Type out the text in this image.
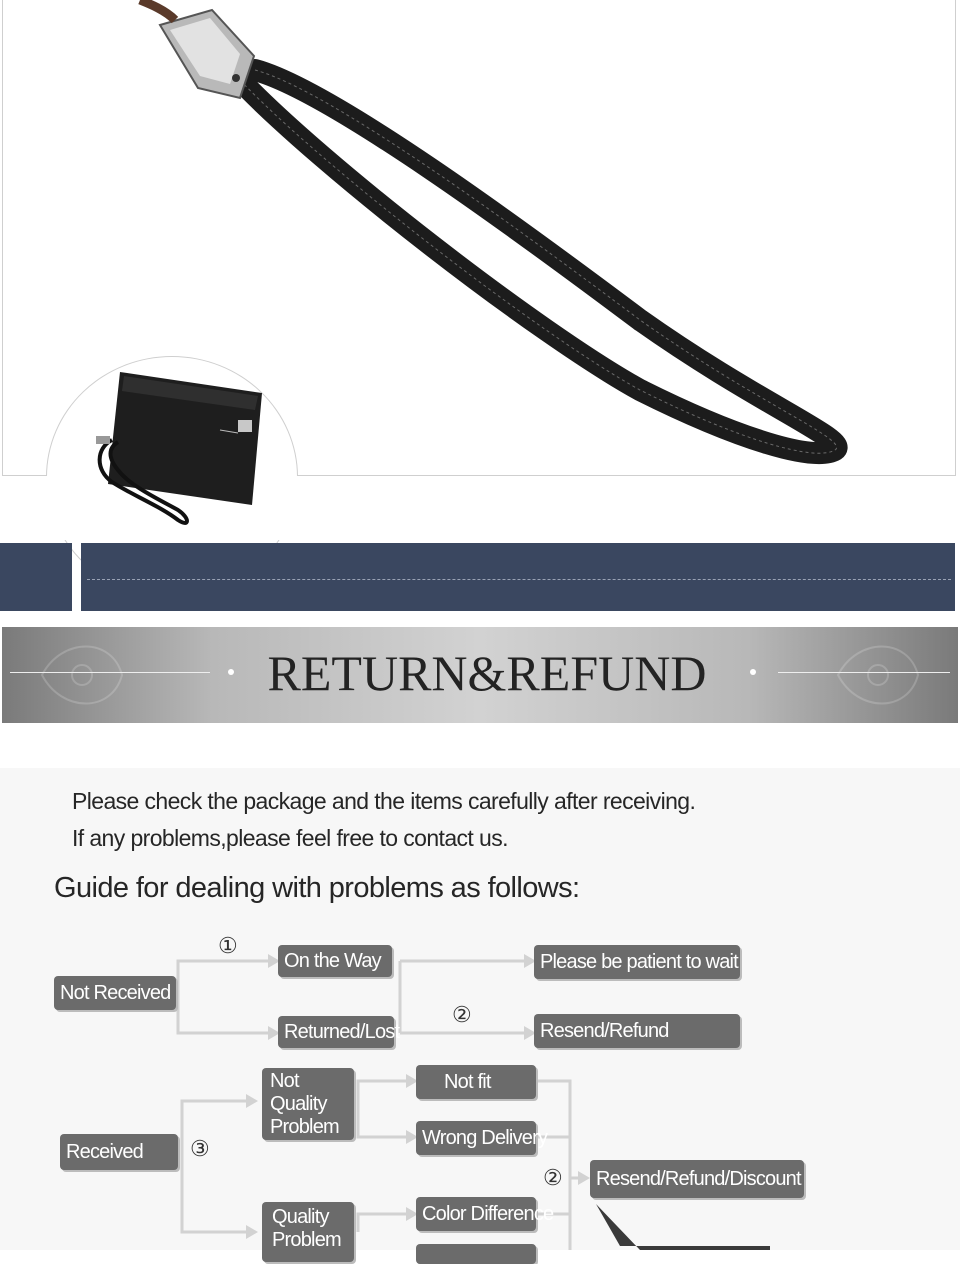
RETURN&REFUND
Please check the package and the items carefully after receiving.
If any problems,please feel free to contact us.
Guide for dealing with problems as follows:
①
②
③
②
Not Received
On the Way	Please be patient to wait
Returned/Lost	Resend/Refund
Received
Not
Quality
Problem
Not fit
Wrong Delivery
Color Difference
Quality
Problem
Resend/Refund/Discount
